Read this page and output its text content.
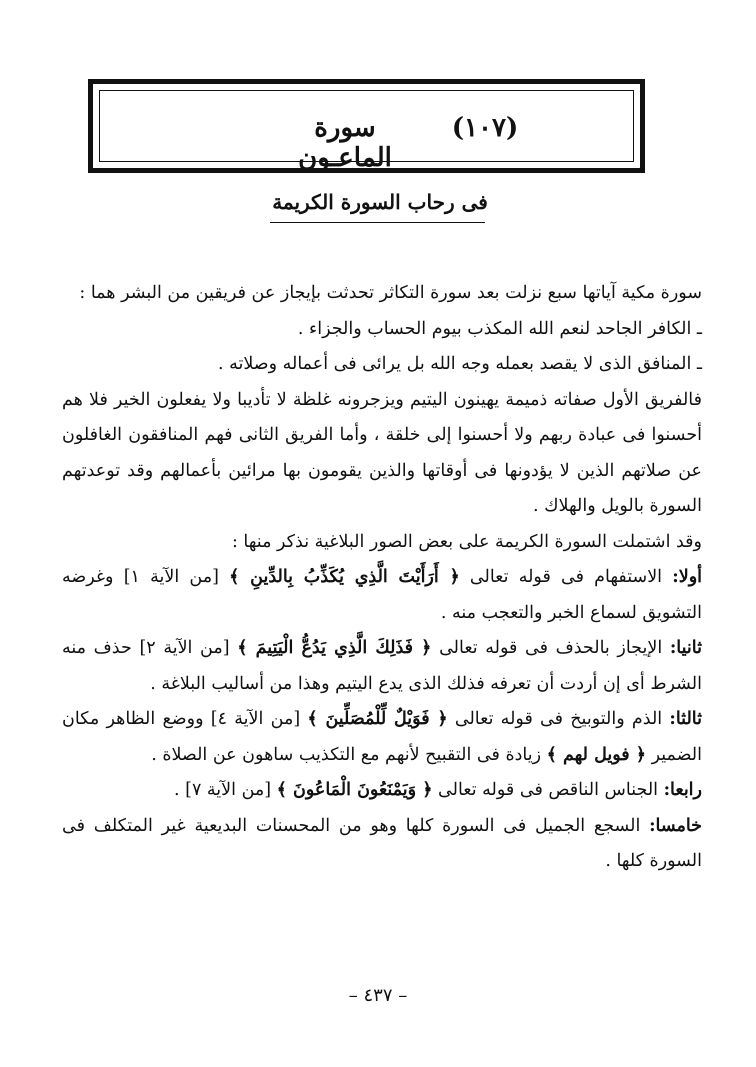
سورة الماعـون
(١٠٧)
فى رحاب السورة الكريمة

سورة مكية آياتها سبع نزلت بعد سورة التكاثر تحدثت بإيجاز عن فريقين من البشر هما :

ـ الكافر الجاحد لنعم الله المكذب بيوم الحساب والجزاء .

ـ المنافق الذى لا يقصد بعمله وجه الله بل يرائى فى أعماله وصلاته .

فالفريق الأول صفاته ذميمة يهينون اليتيم ويزجرونه غلظة لا تأديبا ولا يفعلون الخير فلا هم أحسنوا فى عبادة ربهم ولا أحسنوا إلى خلقة ، وأما الفريق الثانى فهم المنافقون الغافلون عن صلاتهم الذين لا يؤدونها فى أوقاتها والذين يقومون بها مرائين بأعمالهم وقد توعدتهم السورة بالويل والهلاك .

وقد اشتملت السورة الكريمة على بعض الصور البلاغية نذكر منها :

أولا: الاستفهام فى قوله تعالى ﴿ أَرَأَيْتَ الَّذِي يُكَذِّبُ بِالدِّينِ ﴾ [من الآية ١] وغرضه التشويق لسماع الخبر والتعجب منه .

ثانيا: الإيجاز بالحذف فى قوله تعالى ﴿ فَذَلِكَ الَّذِي يَدُعُّ الْيَتِيمَ ﴾ [من الآية ٢] حذف منه الشرط أى إن أردت أن تعرفه فذلك الذى يدع اليتيم وهذا من أساليب البلاغة .

ثالثا: الذم والتوبيخ فى قوله تعالى ﴿ فَوَيْلٌ لِّلْمُصَلِّينَ ﴾ [من الآية ٤] ووضع الظاهر مكان الضمير ﴿ فويل لهم ﴾ زيادة فى التقبيح لأنهم مع التكذيب ساهون عن الصلاة .

رابعا: الجناس الناقص فى قوله تعالى ﴿ وَيَمْنَعُونَ الْمَاعُونَ ﴾ [من الآية ٧] .

خامسا: السجع الجميل فى السورة كلها وهو من المحسنات البديعية غير المتكلف فى السورة كلها .

– ٤٣٧ –
